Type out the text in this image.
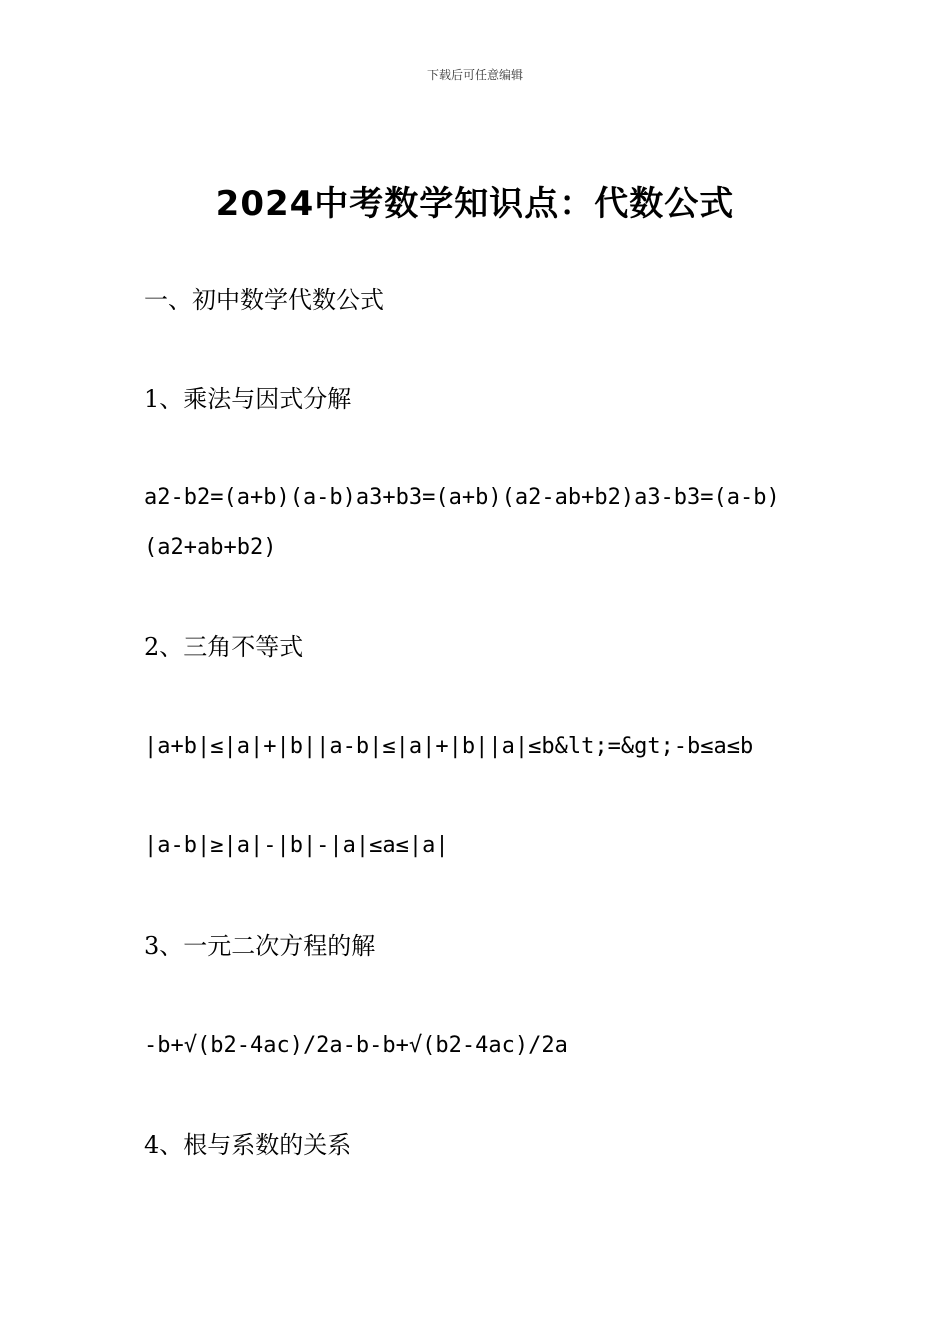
下载后可任意编辑
2024中考数学知识点：代数公式
一、初中数学代数公式
1、乘法与因式分解
a2-b2=(a+b)(a-b)a3+b3=(a+b)(a2-ab+b2)a3-b3=(a-b)
(a2+ab+b2)
2、三角不等式
|a+b|≤|a|+|b||a-b|≤|a|+|b||a|≤b&lt;=&gt;-b≤a≤b
|a-b|≥|a|-|b|-|a|≤a≤|a|
3、一元二次方程的解
-b+√(b2-4ac)/2a-b-b+√(b2-4ac)/2a
4、根与系数的关系
